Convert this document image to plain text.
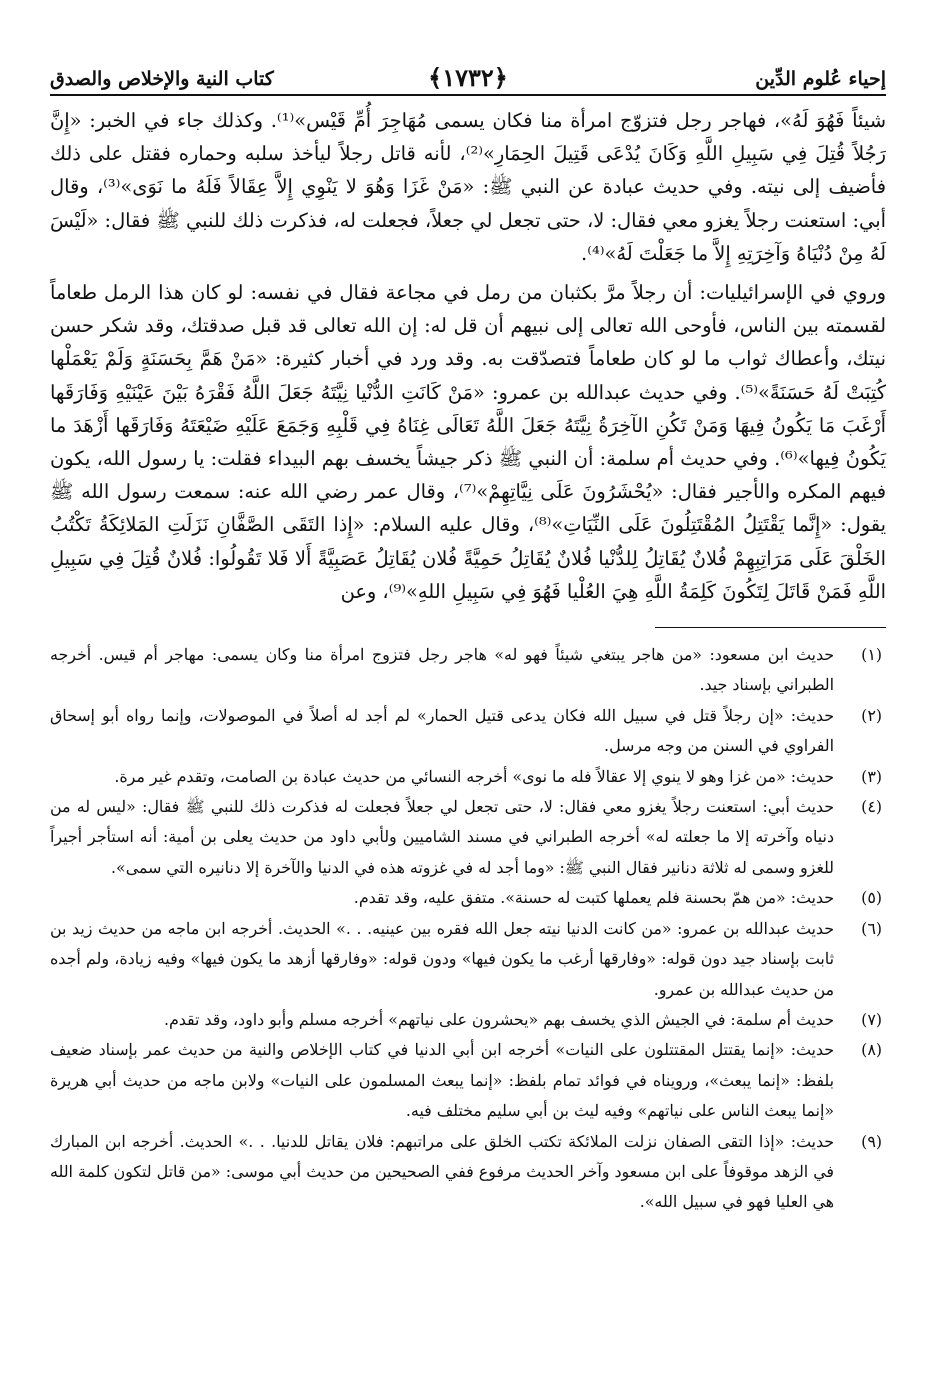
إحياء عُلوم الدِّين
﴿١٧٣٢﴾
كتاب النية والإخلاص والصدق

شيئاً فَهُوَ لَهُ»، فهاجر رجل فتزوّج امرأة منا فكان يسمى مُهَاجِرَ أُمِّ قَيْس»⁽¹⁾. وكذلك جاء في الخبر: «إِنَّ رَجُلاً قُتِلَ فِي سَبِيلِ اللَّهِ وَكَانَ يُدْعَى قَتِيلَ الحِمَارِ»⁽²⁾، لأنه قاتل رجلاً ليأخذ سلبه وحماره فقتل على ذلك فأضيف إلى نيته. وفي حديث عبادة عن النبي ﷺ: «مَنْ غَزَا وَهُوَ لا يَنْوِي إِلاَّ عِقَالاً فَلَهُ ما نَوَى»⁽³⁾، وقال أبي: استعنت رجلاً يغزو معي فقال: لا، حتى تجعل لي جعلاً، فجعلت له، فذكرت ذلك للنبي ﷺ فقال: «لَيْسَ لَهُ مِنْ دُنْيَاهُ وَآخِرَتِهِ إِلاَّ ما جَعَلْتَ لَهُ»⁽⁴⁾.

وروي في الإسرائيليات: أن رجلاً مرَّ بكثبان من رمل في مجاعة فقال في نفسه: لو كان هذا الرمل طعاماً لقسمته بين الناس، فأوحى الله تعالى إلى نبيهم أن قل له: إن الله تعالى قد قبل صدقتك، وقد شكر حسن نيتك، وأعطاك ثواب ما لو كان طعاماً فتصدّقت به. وقد ورد في أخبار كثيرة: «مَنْ هَمَّ بِحَسَنَةٍ وَلَمْ يَعْمَلْها كُتِبَتْ لَهُ حَسَنَةً»⁽⁵⁾. وفي حديث عبدالله بن عمرو: «مَنْ كَانَتِ الدُّنْيا نِيَّتَهُ جَعَلَ اللَّهُ فَقْرَهُ بَيْنَ عَيْنَيْهِ وَفَارَقَها أَرْغَبَ مَا يَكُونُ فِيهَا وَمَنْ تَكُنِ الآخِرَةُ نِيَّتَهُ جَعَلَ اللَّهُ تَعَالَى غِنَاهُ فِي قَلْبِهِ وَجَمَعَ عَلَيْهِ ضَيْعَتَهُ وَفَارَقَها أَزْهَدَ ما يَكُونُ فِيها»⁽⁶⁾. وفي حديث أم سلمة: أن النبي ﷺ ذكر جيشاً يخسف بهم البيداء فقلت: يا رسول الله، يكون فيهم المكره والأجير فقال: «يُحْشَرُونَ عَلَى نِيَّاتِهِمْ»⁽⁷⁾، وقال عمر رضي الله عنه: سمعت رسول الله ﷺ يقول: «إِنَّما يَقْتَتِلُ المُقْتَتِلُونَ عَلَى النِّيَاتِ»⁽⁸⁾، وقال عليه السلام: «إِذا التَقَى الصَّفَّانِ نَزَلَتِ المَلائِكَةُ تَكْتُبُ الخَلْقَ عَلَى مَرَاتِبِهِمْ فُلانٌ يُقَاتِلُ لِلدُّنْيا فُلانٌ يُقَاتِلُ حَمِيَّةً فُلان يُقَاتِلُ عَصَبِيَّةً أَلا فَلا تَقُولُوا: فُلانٌ قُتِلَ فِي سَبِيلِ اللَّهِ فَمَنْ قَاتَلَ لِتَكُونَ كَلِمَةُ اللَّهِ هِيَ العُلْيا فَهُوَ فِي سَبِيلِ اللهِ»⁽⁹⁾، وعن

(١)
حديث ابن مسعود: «من هاجر يبتغي شيئاً فهو له» هاجر رجل فتزوج امرأة منا وكان يسمى: مهاجر أم قيس. أخرجه الطبراني بإسناد جيد.
(٢)
حديث: «إن رجلاً قتل في سبيل الله فكان يدعى قتيل الحمار» لم أجد له أصلاً في الموصولات، وإنما رواه أبو إسحاق الفراوي في السنن من وجه مرسل.
(٣)
حديث: «من غزا وهو لا ينوي إلا عقالاً فله ما نوى» أخرجه النسائي من حديث عبادة بن الصامت، وتقدم غير مرة.
(٤)
حديث أبي: استعنت رجلاً يغزو معي فقال: لا، حتى تجعل لي جعلاً فجعلت له فذكرت ذلك للنبي ﷺ فقال: «ليس له من دنياه وآخرته إلا ما جعلته له» أخرجه الطبراني في مسند الشاميين ولأبي داود من حديث يعلى بن أمية: أنه استأجر أجيراً للغزو وسمى له ثلاثة دنانير فقال النبي ﷺ: «وما أجد له في غزوته هذه في الدنيا والآخرة إلا دنانيره التي سمى».
(٥)
حديث: «من همّ بحسنة فلم يعملها كتبت له حسنة». متفق عليه، وقد تقدم.
(٦)
حديث عبدالله بن عمرو: «من كانت الدنيا نيته جعل الله فقره بين عينيه. . .» الحديث. أخرجه ابن ماجه من حديث زيد بن ثابت بإسناد جيد دون قوله: «وفارقها أرغب ما يكون فيها» ودون قوله: «وفارقها أزهد ما يكون فيها» وفيه زيادة، ولم أجده من حديث عبدالله بن عمرو.
(٧)
حديث أم سلمة: في الجيش الذي يخسف بهم «يحشرون على نياتهم» أخرجه مسلم وأبو داود، وقد تقدم.
(٨)
حديث: «إنما يقتتل المقتتلون على النيات» أخرجه ابن أبي الدنيا في كتاب الإخلاص والنية من حديث عمر بإسناد ضعيف بلفظ: «إنما يبعث»، ورويناه في فوائد تمام بلفظ: «إنما يبعث المسلمون على النيات» ولابن ماجه من حديث أبي هريرة «إنما يبعث الناس على نياتهم» وفيه ليث بن أبي سليم مختلف فيه.
(٩)
حديث: «إذا التقى الصفان نزلت الملائكة تكتب الخلق على مراتبهم: فلان يقاتل للدنيا. . .» الحديث. أخرجه ابن المبارك في الزهد موقوفاً على ابن مسعود وآخر الحديث مرفوع ففي الصحيحين من حديث أبي موسى: «من قاتل لتكون كلمة الله هي العليا فهو في سبيل الله».
